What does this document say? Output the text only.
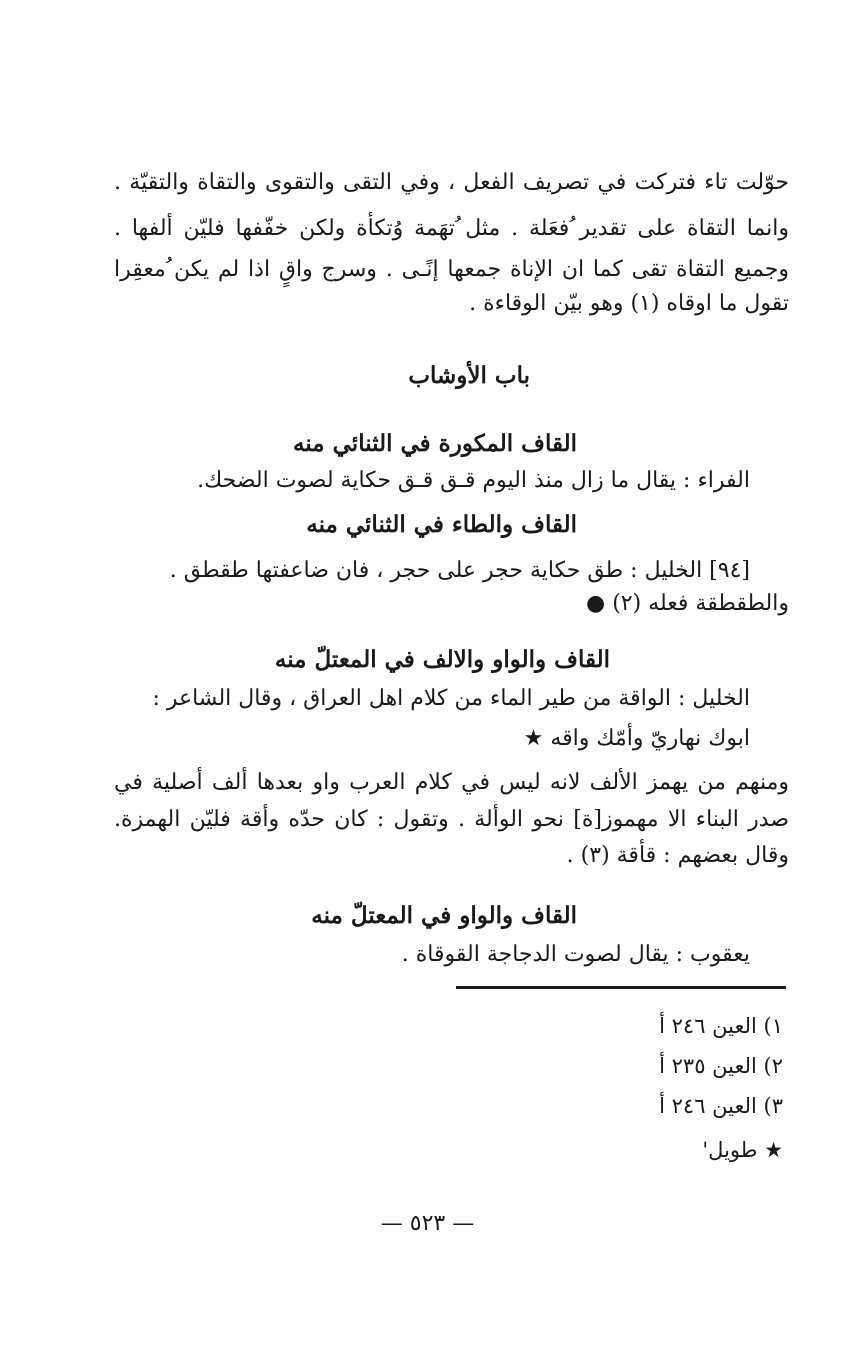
حوّلت تاء فتركت في تصريف الفعل ، وفي التقى والتقوى والتقاة والتقيّة .
وانما التقاة على تقدير ُفعَلة . مثل ُتهَمة وُتكأة ولكن خفّفها فليّن ألفها .
وجميع التقاة تقى كما ان الإناة جمعها إنًـى . وسرج واقٍ اذا لم يكن ُمعقِرا
تقول ما اوقاه (١) وهو بيّن الوقاءة .
باب الأوشاب
القاف المكورة في الثنائي منه
الفراء : يقال ما زال منذ اليوم قـق قـق حكاية لصوت الضحك.
القاف والطاء في الثنائي منه
[٩٤] الخليل : طق حكاية حجر على حجر ، فان ضاعفتها طقطق .
والطقطقة فعله (٢) ●
القاف والواو والالف في المعتلّ منه
الخليل : الواقة من طير الماء من كلام اهل العراق ، وقال الشاعر :
ابوك نهاريّ وأمّك واقه ★
ومنهم من يهمز الألف لانه ليس في كلام العرب واو بعدها ألف أصلية في
صدر البناء الا مهموز[ة] نحو الوألة . وتقول : كان حدّه وأقة فليّن الهمزة.
وقال بعضهم : قأقة (٣) .
القاف والواو في المعتلّ منه
يعقوب : يقال لصوت الدجاجة القوقاة .
١) العين ٢٤٦ أ
٢) العين ٢٣٥ أ
٣) العين ٢٤٦ أ
★ طويل'
— ٥٢٣ —
